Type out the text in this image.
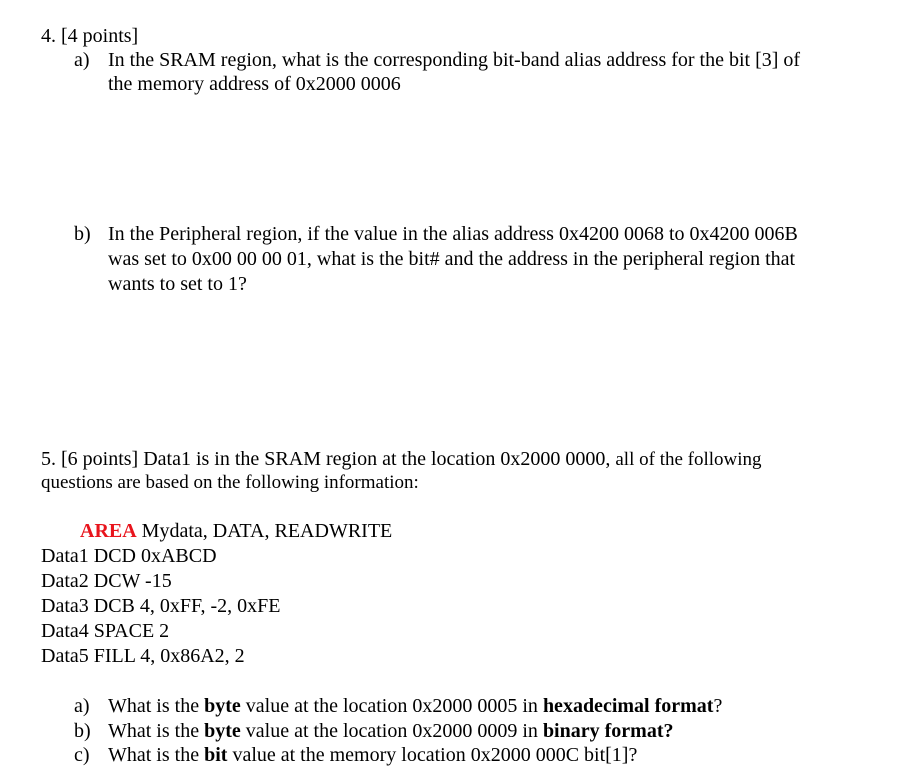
4. [4 points]
a) In the SRAM region, what is the corresponding bit-band alias address for the bit [3] of
the memory address of 0x2000 0006
b) In the Peripheral region, if the value in the alias address 0x4200 0068 to 0x4200 006B
was set to 0x00 00 00 01, what is the bit# and the address in the peripheral region that
wants to set to 1?
5. [6 points] Data1 is in the SRAM region at the location 0x2000 0000, all of the following
questions are based on the following information:
AREA Mydata, DATA, READWRITE
Data1 DCD 0xABCD
Data2 DCW -15
Data3 DCB 4, 0xFF, -2, 0xFE
Data4 SPACE 2
Data5 FILL 4, 0x86A2, 2
a) What is the byte value at the location 0x2000 0005 in hexadecimal format?
b) What is the byte value at the location 0x2000 0009 in binary format?
c) What is the bit value at the memory location 0x2000 000C bit[1]?
